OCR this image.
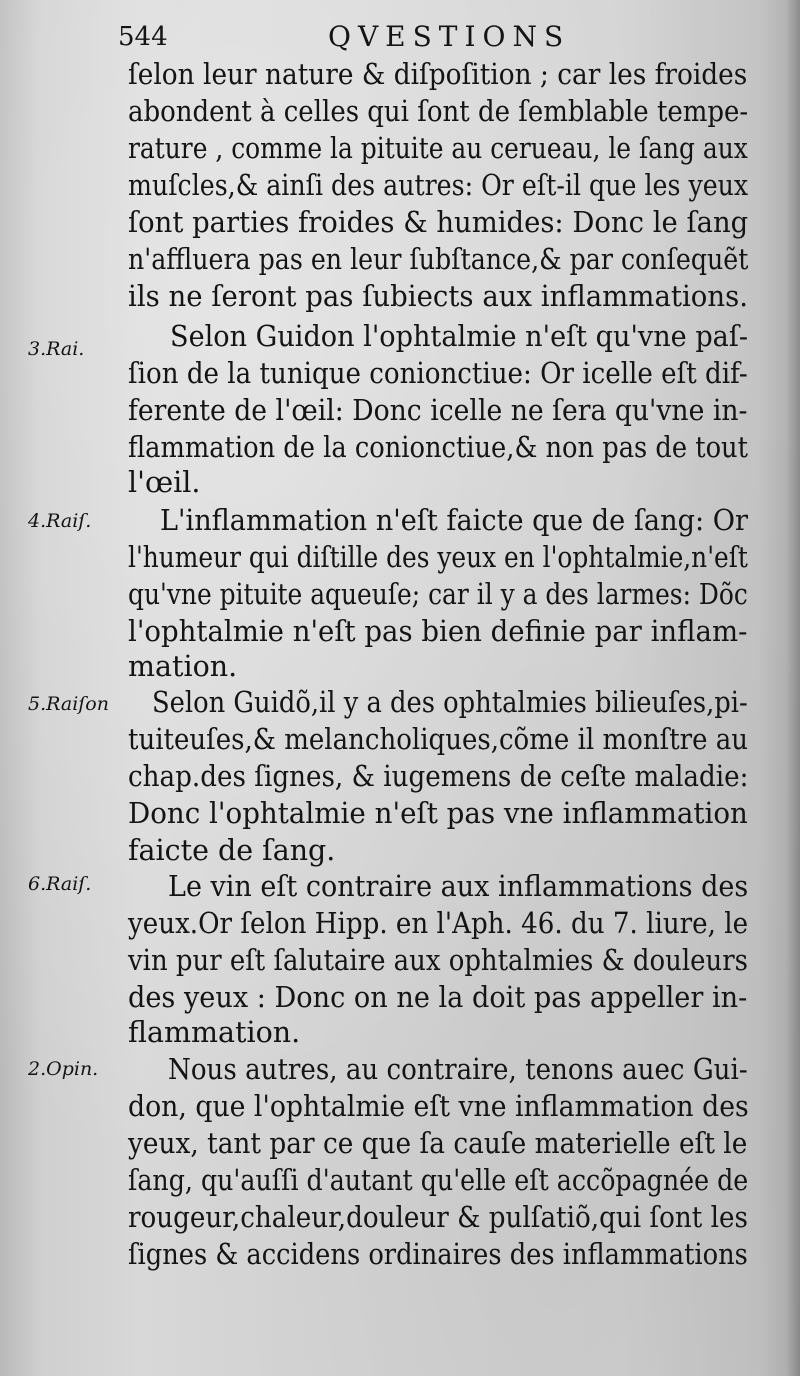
544	QVESTIONS
3.Rai.
4.Raiſ.
5.Raiſon
6.Raiſ.
2.Opin.
ſelon leur nature & diſpoſition ; car les froides
abondent à celles qui ſont de ſemblable tempe-
rature , comme la pituite au cerueau, le ſang aux
muſcles,& ainſi des autres: Or eſt-il que les yeux
ſont parties froides & humides: Donc le ſang
n'affluera pas en leur ſubſtance,& par conſequẽt
ils ne ſeront pas ſubiects aux inflammations.
Selon Guidon l'ophtalmie n'eſt qu'vne paſ-
ſion de la tunique conionctiue: Or icelle eſt dif-
ferente de l'œil: Donc icelle ne ſera qu'vne in-
flammation de la conionctiue,& non pas de tout
l'œil.
L'inflammation n'eſt faicte que de ſang: Or
l'humeur qui diſtille des yeux en l'ophtalmie,n'eſt
qu'vne pituite aqueuſe; car il y a des larmes: Dõc
l'ophtalmie n'eſt pas bien definie par inflam-
mation.
Selon Guidõ,il y a des ophtalmies bilieuſes,pi-
tuiteuſes,& melancholiques,cõme il monſtre au
chap.des ſignes, & iugemens de ceſte maladie:
Donc l'ophtalmie n'eſt pas vne inflammation
faicte de ſang.
Le vin eſt contraire aux inflammations des
yeux.Or ſelon Hipp. en l'Aph. 46. du 7. liure, le
vin pur eſt ſalutaire aux ophtalmies & douleurs
des yeux : Donc on ne la doit pas appeller in-
flammation.
Nous autres, au contraire, tenons auec Gui-
don, que l'ophtalmie eſt vne inflammation des
yeux, tant par ce que ſa cauſe materielle eſt le
ſang, qu'auſſi d'autant qu'elle eſt accõpagnée de
rougeur,chaleur,douleur & pulſatiõ,qui ſont les
ſignes & accidens ordinaires des inflammations
